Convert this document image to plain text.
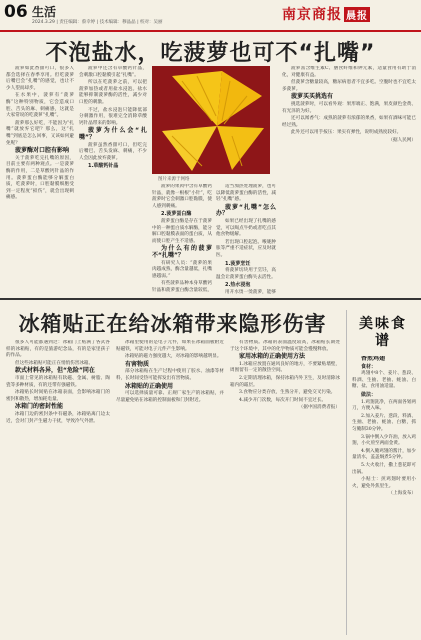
06 生活
2024.3.29 | 责任编辑：蔡幸婷 | 技术编辑：穆晶晶 | 校对：吴丽	南京商报 晨报
不泡盐水，吃菠萝也可不“扎嘴”

菠萝如此香甜可口，很多人都会选择在春季享用。但吃菠萝后嘴巴会“扎嘴”的感觉，也让不少人望而却步。

在水果中，菠萝有“菠萝酶”这种特别物质，它会造成口腔、舌头的麻、刺痛感，这就是大家常说的吃菠萝“扎嘴”。

菠萝那么好吃，不能因为“扎嘴”就放弃它吧？那么，这“扎嘴”到底是怎么回事，又该如何避免呢？

菠萝酶对口腔有影响

关于菠萝吃完扎嘴的原因，目前主要有两种观点。一是菠萝酶的作用，二是草酸钙针晶的作用。菠萝蛋白酶能够分解蛋白质，吃菠萝时，口腔黏膜细胞受到一定程度“损伤”，就会出现刺痛感。

菠萝中还含有草酸钙针晶，会刺激口腔黏膜引起“扎嘴”。

所以在吃菠萝之前，可以把菠萝加热或者用盐水浸泡。盐水能够抑制菠萝酶的活性，减少对口腔的刺激。

不过，盐水浸泡只能降低部分刺激作用，很难完全消除草酸钙针晶带来的影响。

菠萝为什么会“扎嘴”？

菠萝虽然香甜可口，但吃完后嘴巴、舌头发麻、刺痛，不少人会因此放弃菠萝。

1.草酸钙针晶

图片来源于网络

菠萝的果肉中含有草酸钙针晶，就像一根根“小针”，吃菠萝时它会刺激口腔黏膜，使人感到刺痛。

2.菠萝蛋白酶

菠萝蛋白酶是存在于菠萝中的一种蛋白质水解酶，能分解口腔黏膜表面的蛋白质，从而使口腔产生不适感。

为什么有的菠萝不“扎嘴”？

有研究人员：“菠萝的果肉越成熟，酶含量越低，扎嘴感越弱。”

有些菠萝品种本身草酸钙针晶和菠萝蛋白酶含量较低，

适当加热处理菠萝，也可以降低菠萝蛋白酶的活性，减轻“扎嘴”感。

菠萝“扎嘴”怎么办？

如果已经出现了扎嘴的感觉，可以喝点牛奶或者吃点其他食物缓解。

若出现口腔起泡、喉咙肿胀等严重不适症状，应及时就医。

1.菠萝烹饪

将菠萝切块用于烹饪，高温会让菠萝蛋白酶失去活性。

2.热水浸泡

用开水烫一烫菠萝，能够

菠萝富含维生素C、膳食纤维和钾元素，适量食用有助于消化，对健康有益。

但菠萝含糖量较高，糖尿病患者不宜多吃。空腹时也不宜吃太多菠萝。

菠萝买买挑选有

挑选菠萝时，可以看外观：果形端正、饱满，果皮颜色金黄、有光泽的为好。

还可以闻香气：成熟的菠萝有浓郁的果香，如果有酒味可能已经过熟。

此外还可以用手按压：果实有弹性，说明成熟度较好。

（据人民网）

冰箱贴正在给冰箱带来隐形伤害

很多人可能都遇到过：冰箱门上贴满了各式各样的冰箱贴，有的是旅游纪念品，有的是家里孩子的作品。

但这些冰箱贴可能正在悄悄伤害冰箱。

款式材料各异，但“危险”同在

市面上常见的冰箱贴有软磁、金属、树脂、陶瓷等多种材质，有的还带有强磁铁。

冰箱贴长时间贴在冰箱表面，会影响冰箱门的密封和散热，增加耗电量。

冰箱门的密封性能

冰箱门边的密封条中有磁条，冰箱贴离门边太近，会对门封产生磁力干扰，导致冷气外泄。

冰箱里使用的是电子元件，如果在冰箱面板附近贴磁铁，可能对电子元件产生影响。

冰箱贴的磁力强度越大，对冰箱的影响越明显。

有害物质

部分冰箱贴在生产过程中使用了胶水、油漆等材料，长时间受热可能挥发出有害物质。

冰箱贴的正确使用

可以选择质量可靠、正规厂家生产的冰箱贴，并尽量避免贴在冰箱的控制面板和门封附近。

有害物质。冰箱的表面温度较高，冰箱贴长期处于这个环境中，其中的化学物质可能会慢慢释放。

家用冰箱的正确使用方法

1.冰箱应放置在通风良好的地方，不要紧贴墙壁，周围留有一定的散热空间。

2.定期清理冰箱，保持冰箱内外卫生，及时清除冰箱内的霜层。

3.食物应分类存放，生熟分开，避免交叉污染。

4.减少开门次数，每次开门时间不宜过长。

（据中国消费者报）

美味食谱

香煎鸡翅

食材：

鸡翅中8个、姜片、葱段、料酒、生抽、老抽、蚝油、白糖、盐、食用油适量。

做法：

1.鸡翅洗净，在两面各划两刀，方便入味。

2.加入姜片、葱段、料酒、生抽、老抽、蚝油、白糖，抓匀腌制30分钟。

3.锅中倒入少许油，放入鸡翅，小火煎至两面金黄。

4.倒入腌鸡翅的酱汁，加少量清水，盖盖焖煮5分钟。

5.大火收汁，撒上葱花即可出锅。

小贴士：煎鸡翅时要用小火，避免外焦里生。

（上海发布）
